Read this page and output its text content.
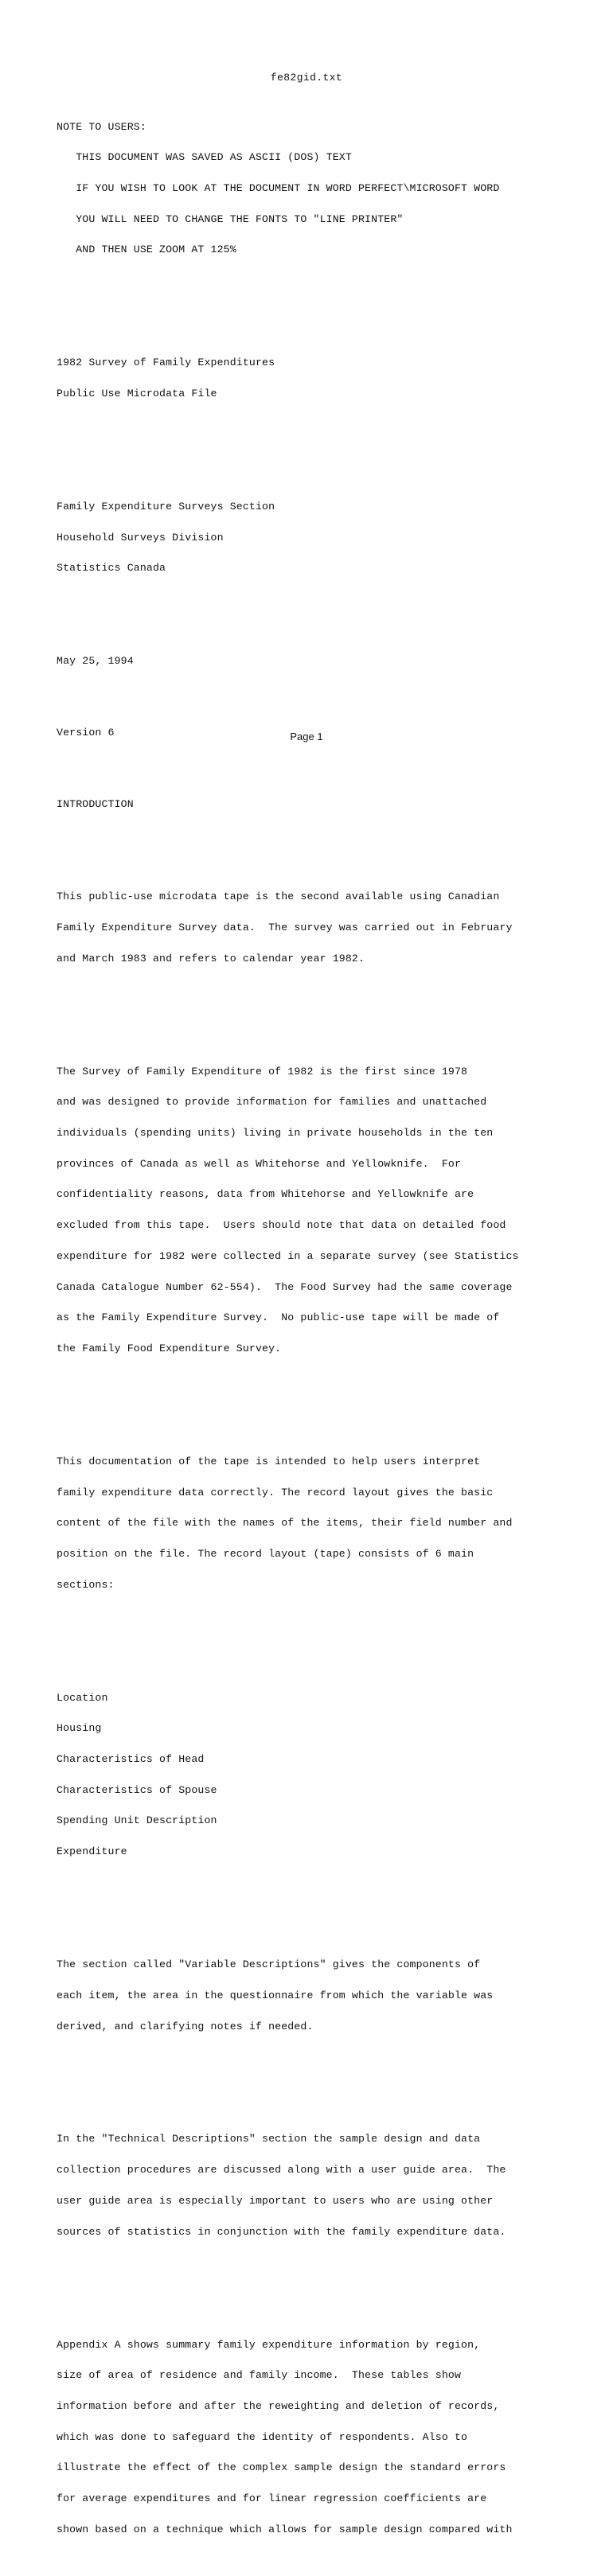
fe82gid.txt

NOTE TO USERS:

THIS DOCUMENT WAS SAVED AS ASCII (DOS) TEXT

IF YOU WISH TO LOOK AT THE DOCUMENT IN WORD PERFECT\MICROSOFT WORD

YOU WILL NEED TO CHANGE THE FONTS TO "LINE PRINTER"

AND THEN USE ZOOM AT 125%

1982 Survey of Family Expenditures

Public Use Microdata File

Family Expenditure Surveys Section

Household Surveys Division

Statistics Canada

May 25, 1994

Version 6

INTRODUCTION

This public-use microdata tape is the second available using Canadian

Family Expenditure Survey data.  The survey was carried out in February

and March 1983 and refers to calendar year 1982.

The Survey of Family Expenditure of 1982 is the first since 1978

and was designed to provide information for families and unattached

individuals (spending units) living in private households in the ten

provinces of Canada as well as Whitehorse and Yellowknife.  For

confidentiality reasons, data from Whitehorse and Yellowknife are

excluded from this tape.  Users should note that data on detailed food

expenditure for 1982 were collected in a separate survey (see Statistics

Canada Catalogue Number 62-554).  The Food Survey had the same coverage

as the Family Expenditure Survey.  No public-use tape will be made of

the Family Food Expenditure Survey.

This documentation of the tape is intended to help users interpret

family expenditure data correctly. The record layout gives the basic

content of the file with the names of the items, their field number and

position on the file. The record layout (tape) consists of 6 main

sections:

Location

Housing

Characteristics of Head

Characteristics of Spouse

Spending Unit Description

Expenditure

The section called "Variable Descriptions" gives the components of

each item, the area in the questionnaire from which the variable was

derived, and clarifying notes if needed.

In the "Technical Descriptions" section the sample design and data

collection procedures are discussed along with a user guide area.  The

user guide area is especially important to users who are using other

sources of statistics in conjunction with the family expenditure data.

Appendix A shows summary family expenditure information by region,

size of area of residence and family income.  These tables show

information before and after the reweighting and deletion of records,

which was done to safeguard the identity of respondents. Also to

illustrate the effect of the complex sample design the standard errors

for average expenditures and for linear regression coefficients are

shown based on a technique which allows for sample design compared with

Page 1
